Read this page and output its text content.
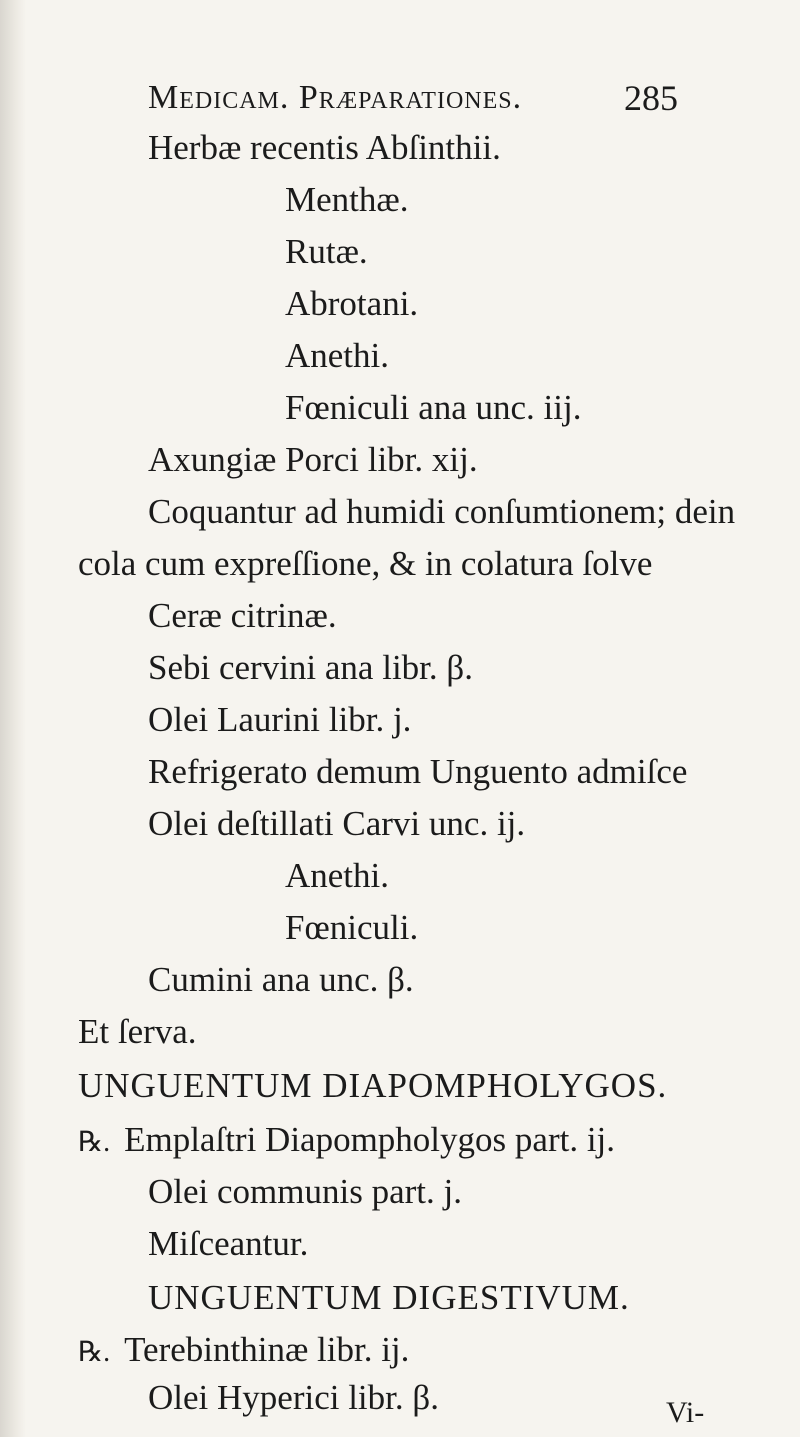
Medicam. Præparationes.	285
Herbæ recentis Abſinthii.
Menthæ.
Rutæ.
Abrotani.
Anethi.
Fœniculi ana unc. iij.
Axungiæ Porci libr. xij.
Coquantur ad humidi conſumtionem; dein
cola cum expreſſione, & in colatura ſolve
Ceræ citrinæ.
Sebi cervini ana libr. β.
Olei Laurini libr. j.
Refrigerato demum Unguento admiſce
Olei deſtillati Carvi unc. ij.
Anethi.
Fœniculi.
Cumini ana unc. β.
Et ſerva.
UNGUENTUM DIAPOMPHOLYGOS.
℞. Emplaſtri Diapompholygos part. ij.
Olei communis part. j.
Miſceantur.
UNGUENTUM DIGESTIVUM.
℞. Terebinthinæ libr. ij.
Olei Hyperici libr. β.	Vi-
